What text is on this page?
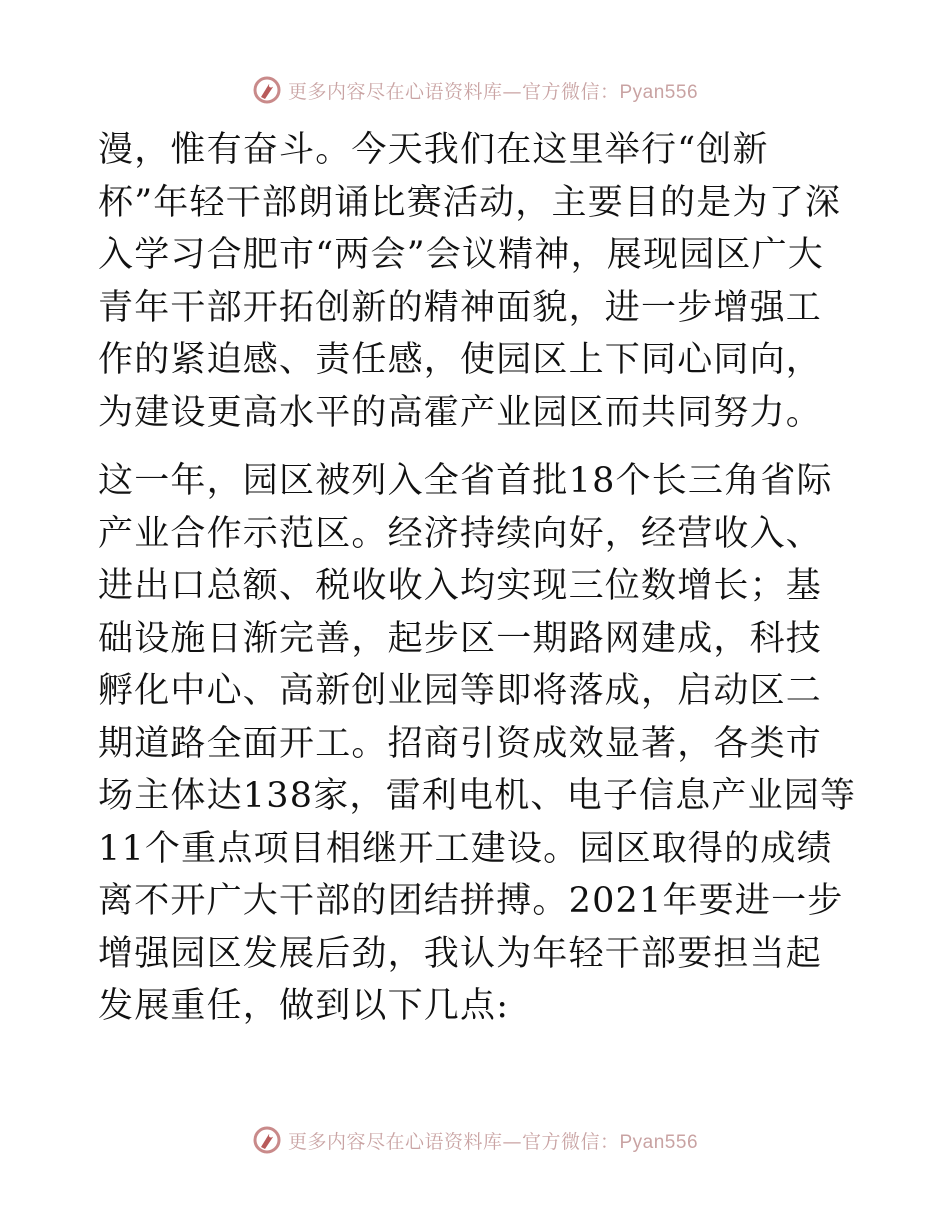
更多内容尽在心语资料库—官方微信：Pyan556

漫，惟有奋斗。今天我们在这里举行“创新杯”年轻干部朗诵比赛活动，主要目的是为了深入学习合肥市“两会”会议精神，展现园区广大青年干部开拓创新的精神面貌，进一步增强工作的紧迫感、责任感，使园区上下同心同向，为建设更高水平的高霍产业园区而共同努力。

这一年，园区被列入全省首批18个长三角省际产业合作示范区。经济持续向好，经营收入、进出口总额、税收收入均实现三位数增长；基础设施日渐完善，起步区一期路网建成，科技孵化中心、高新创业园等即将落成，启动区二期道路全面开工。招商引资成效显著，各类市场主体达138家，雷利电机、电子信息产业园等11个重点项目相继开工建设。园区取得的成绩离不开广大干部的团结拼搏。2021年要进一步增强园区发展后劲，我认为年轻干部要担当起发展重任，做到以下几点:

更多内容尽在心语资料库—官方微信：Pyan556
